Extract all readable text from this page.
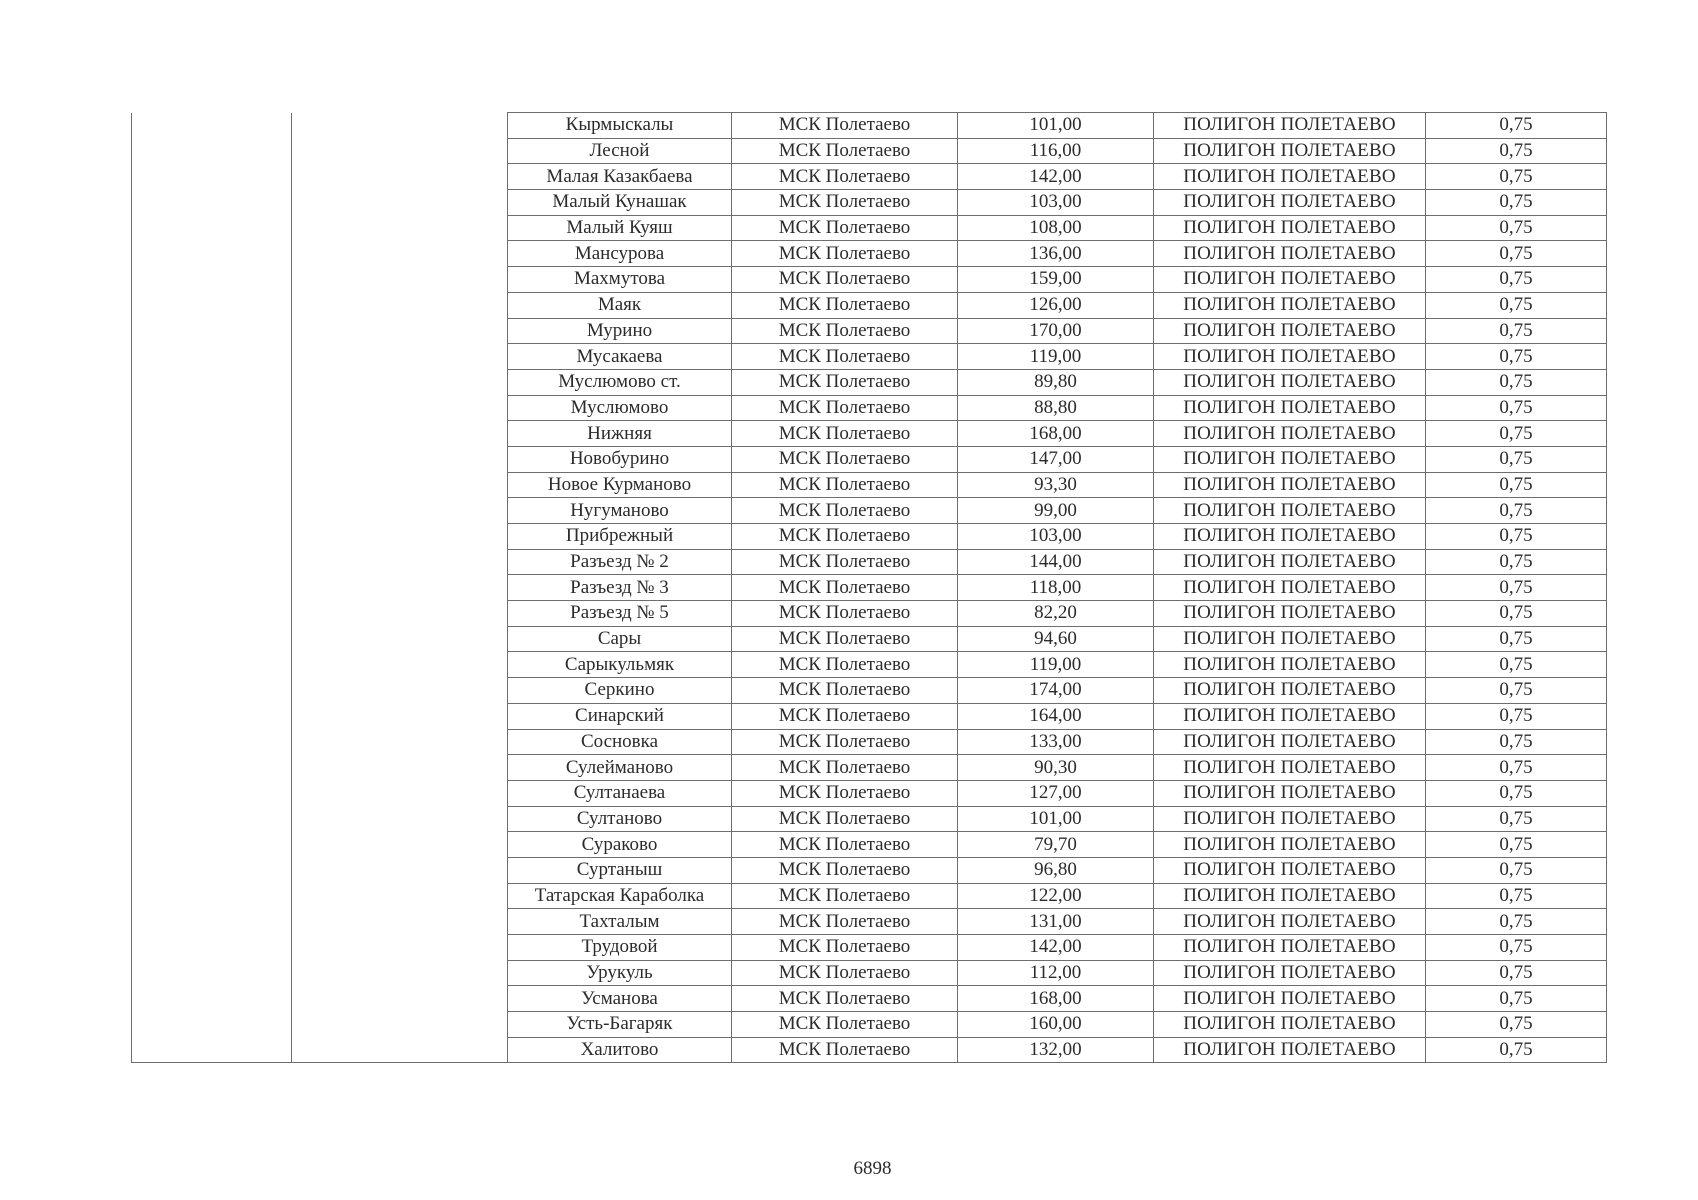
		Кырмыскалы	МСК Полетаево	101,00	ПОЛИГОН ПОЛЕТАЕВО	0,75
		Лесной	МСК Полетаево	116,00	ПОЛИГОН ПОЛЕТАЕВО	0,75
		Малая Казакбаева	МСК Полетаево	142,00	ПОЛИГОН ПОЛЕТАЕВО	0,75
		Малый Кунашак	МСК Полетаево	103,00	ПОЛИГОН ПОЛЕТАЕВО	0,75
		Малый Куяш	МСК Полетаево	108,00	ПОЛИГОН ПОЛЕТАЕВО	0,75
		Мансурова	МСК Полетаево	136,00	ПОЛИГОН ПОЛЕТАЕВО	0,75
		Махмутова	МСК Полетаево	159,00	ПОЛИГОН ПОЛЕТАЕВО	0,75
		Маяк	МСК Полетаево	126,00	ПОЛИГОН ПОЛЕТАЕВО	0,75
		Мурино	МСК Полетаево	170,00	ПОЛИГОН ПОЛЕТАЕВО	0,75
		Мусакаева	МСК Полетаево	119,00	ПОЛИГОН ПОЛЕТАЕВО	0,75
		Муслюмово ст.	МСК Полетаево	89,80	ПОЛИГОН ПОЛЕТАЕВО	0,75
		Муслюмово	МСК Полетаево	88,80	ПОЛИГОН ПОЛЕТАЕВО	0,75
		Нижняя	МСК Полетаево	168,00	ПОЛИГОН ПОЛЕТАЕВО	0,75
		Новобурино	МСК Полетаево	147,00	ПОЛИГОН ПОЛЕТАЕВО	0,75
		Новое Курманово	МСК Полетаево	93,30	ПОЛИГОН ПОЛЕТАЕВО	0,75
		Нугуманово	МСК Полетаево	99,00	ПОЛИГОН ПОЛЕТАЕВО	0,75
		Прибрежный	МСК Полетаево	103,00	ПОЛИГОН ПОЛЕТАЕВО	0,75
		Разъезд № 2	МСК Полетаево	144,00	ПОЛИГОН ПОЛЕТАЕВО	0,75
		Разъезд № 3	МСК Полетаево	118,00	ПОЛИГОН ПОЛЕТАЕВО	0,75
		Разъезд № 5	МСК Полетаево	82,20	ПОЛИГОН ПОЛЕТАЕВО	0,75
		Сары	МСК Полетаево	94,60	ПОЛИГОН ПОЛЕТАЕВО	0,75
		Сарыкульмяк	МСК Полетаево	119,00	ПОЛИГОН ПОЛЕТАЕВО	0,75
		Серкино	МСК Полетаево	174,00	ПОЛИГОН ПОЛЕТАЕВО	0,75
		Синарский	МСК Полетаево	164,00	ПОЛИГОН ПОЛЕТАЕВО	0,75
		Сосновка	МСК Полетаево	133,00	ПОЛИГОН ПОЛЕТАЕВО	0,75
		Сулейманово	МСК Полетаево	90,30	ПОЛИГОН ПОЛЕТАЕВО	0,75
		Султанаева	МСК Полетаево	127,00	ПОЛИГОН ПОЛЕТАЕВО	0,75
		Султаново	МСК Полетаево	101,00	ПОЛИГОН ПОЛЕТАЕВО	0,75
		Сураково	МСК Полетаево	79,70	ПОЛИГОН ПОЛЕТАЕВО	0,75
		Суртаныш	МСК Полетаево	96,80	ПОЛИГОН ПОЛЕТАЕВО	0,75
		Татарская Караболка	МСК Полетаево	122,00	ПОЛИГОН ПОЛЕТАЕВО	0,75
		Тахталым	МСК Полетаево	131,00	ПОЛИГОН ПОЛЕТАЕВО	0,75
		Трудовой	МСК Полетаево	142,00	ПОЛИГОН ПОЛЕТАЕВО	0,75
		Урукуль	МСК Полетаево	112,00	ПОЛИГОН ПОЛЕТАЕВО	0,75
		Усманова	МСК Полетаево	168,00	ПОЛИГОН ПОЛЕТАЕВО	0,75
		Усть-Багаряк	МСК Полетаево	160,00	ПОЛИГОН ПОЛЕТАЕВО	0,75
		Халитово	МСК Полетаево	132,00	ПОЛИГОН ПОЛЕТАЕВО	0,75
6898
